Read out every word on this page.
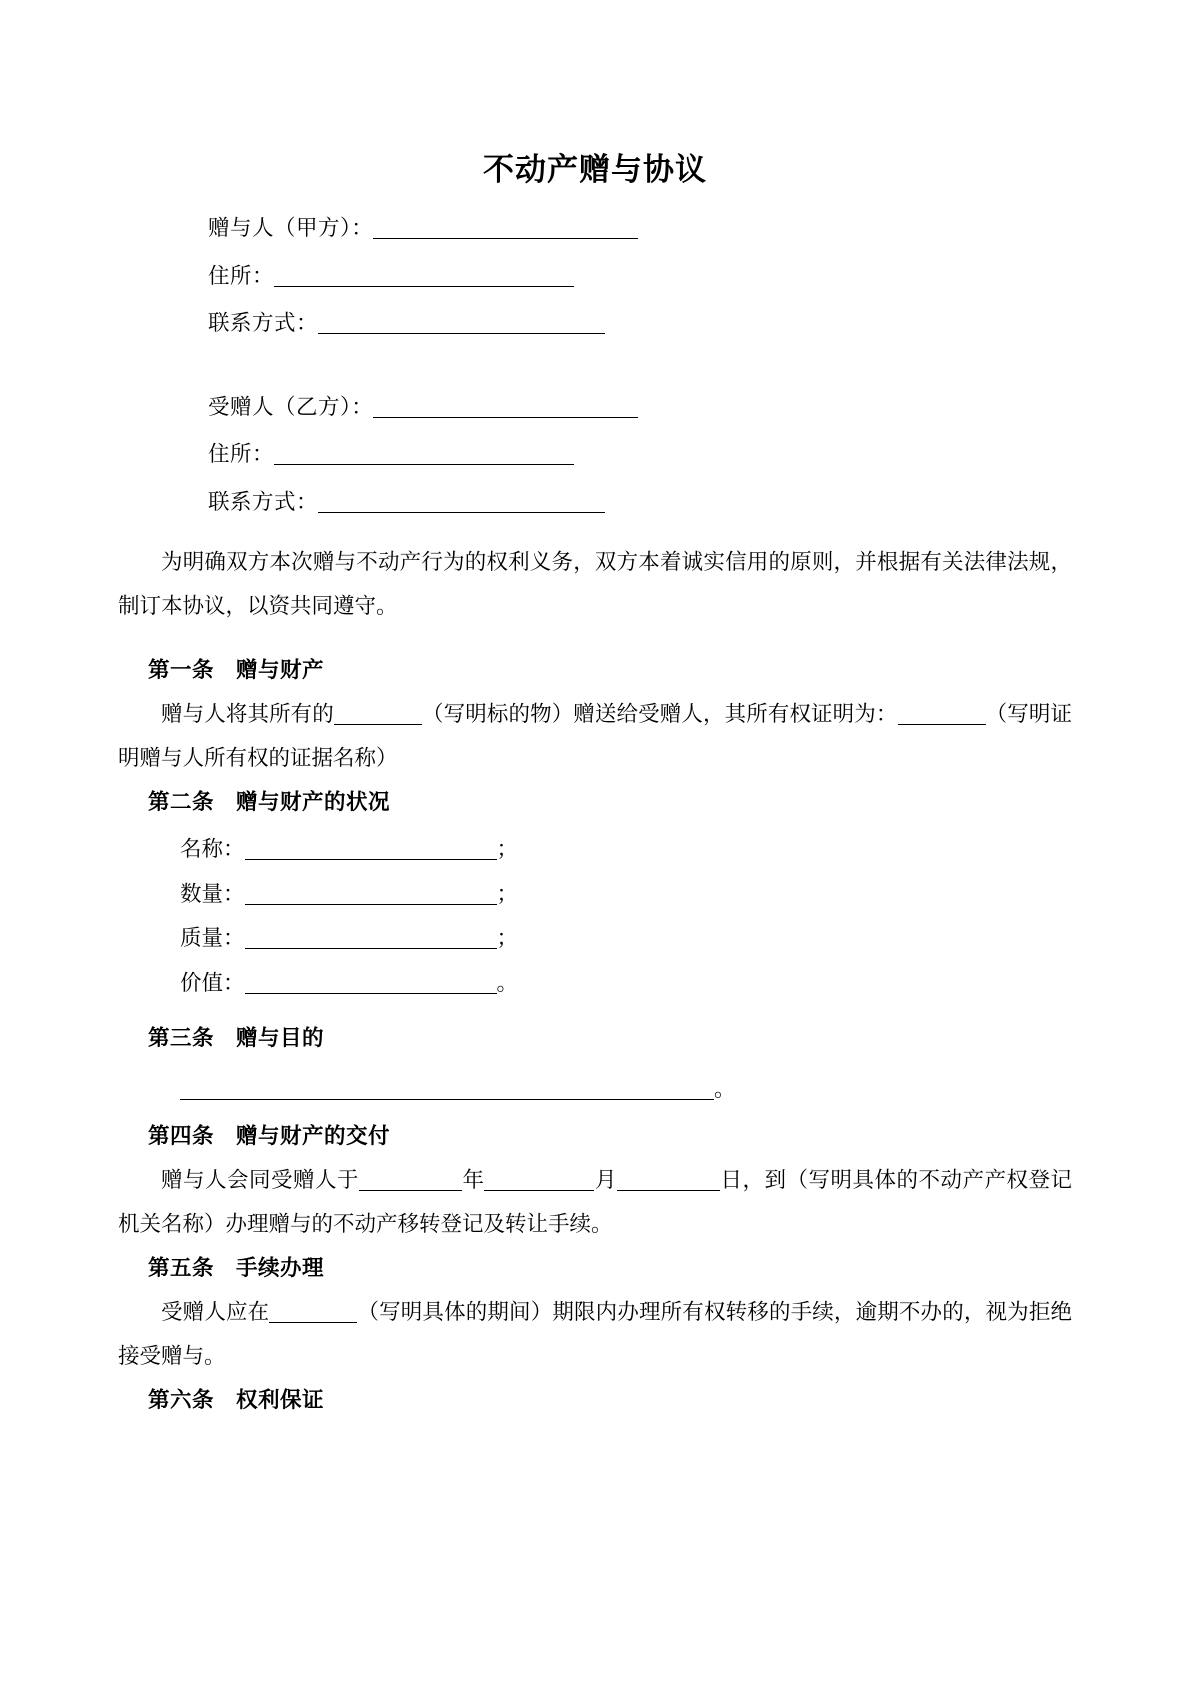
不动产赠与协议
赠与人（甲方）：
住所：
联系方式：
受赠人（乙方）：
住所：
联系方式：

为明确双方本次赠与不动产行为的权利义务，双方本着诚实信用的原则，并根据有关法律法规，制订本协议，以资共同遵守。

第一条 赠与财产

赠与人将其所有的	（写明标的物）赠送给受赠人，其所有权证明为：	（写明证明赠与人所有权的证据名称）

第二条 赠与财产的状况
名称：	；
数量：	；
质量：	；
价值：	。
第三条 赠与目的
。
第四条 赠与财产的交付

赠与人会同受赠人于	年	月	日，到（写明具体的不动产产权登记机关名称）办理赠与的不动产移转登记及转让手续。

第五条 手续办理

受赠人应在	（写明具体的期间）期限内办理所有权转移的手续，逾期不办的，视为拒绝接受赠与。

第六条 权利保证
